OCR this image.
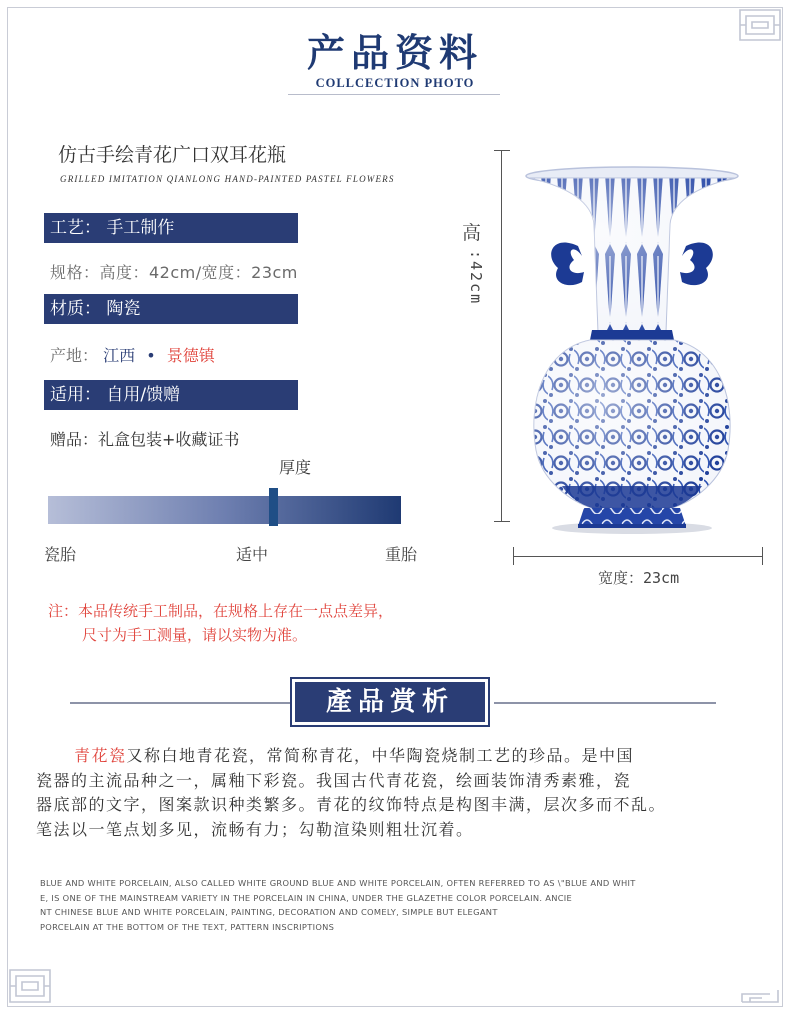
产品资料
COLLCECTION PHOTO
仿古手绘青花广口双耳花瓶
GRILLED IMITATION QIANLONG HAND-PAINTED PASTEL FLOWERS
工艺： 手工制作
规格：高度：42cm/宽度：23cm
材质： 陶瓷
产地： 江西 • 景德镇
适用： 自用/馈赠
赠品：礼盒包装+收藏证书
厚度
瓷胎	适中	重胎
注：本品传统手工制品，在规格上存在一点点差异，
尺寸为手工测量，请以实物为准。
高
:42cm
宽度：23cm
產品赏析
青花瓷又称白地青花瓷，常简称青花，中华陶瓷烧制工艺的珍品。是中国
瓷器的主流品种之一，属釉下彩瓷。我国古代青花瓷，绘画装饰清秀素雅，瓷
器底部的文字，图案款识种类繁多。青花的纹饰特点是构图丰满，层次多而不乱。
笔法以一笔点划多见，流畅有力；勾勒渲染则粗壮沉着。
BLUE AND WHITE PORCELAIN, ALSO CALLED WHITE GROUND BLUE AND WHITE PORCELAIN, OFTEN REFERRED TO AS \"BLUE AND WHIT
E, IS ONE OF THE MAINSTREAM VARIETY IN THE PORCELAIN IN CHINA, UNDER THE GLAZETHE COLOR PORCELAIN. ANCIE
NT CHINESE BLUE AND WHITE PORCELAIN, PAINTING, DECORATION AND COMELY, SIMPLE BUT ELEGANT
PORCELAIN AT THE BOTTOM OF THE TEXT, PATTERN INSCRIPTIONS
